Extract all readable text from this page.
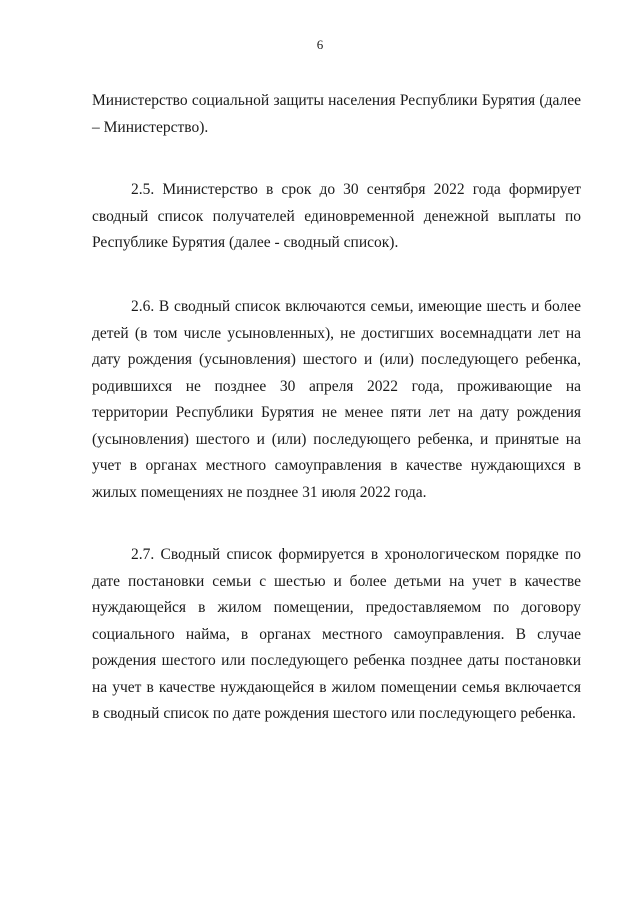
6

Министерство социальной защиты населения Республики Бурятия (далее – Министерство).

2.5. Министерство в срок до 30 сентября 2022 года формирует сводный список получателей единовременной денежной выплаты по Республике Бурятия (далее - сводный список).

2.6. В сводный список включаются семьи, имеющие шесть и более детей (в том числе усыновленных), не достигших восемнадцати лет на дату рождения (усыновления) шестого и (или) последующего ребенка, родившихся не позднее 30 апреля 2022 года, проживающие на территории Республики Бурятия не менее пяти лет на дату рождения (усыновления) шестого и (или) последующего ребенка, и принятые на учет в органах местного самоуправления в качестве нуждающихся в жилых помещениях не позднее 31 июля 2022 года.

2.7. Сводный список формируется в хронологическом порядке по дате постановки семьи с шестью и более детьми на учет в качестве нуждающейся в жилом помещении, предоставляемом по договору социального найма, в органах местного самоуправления. В случае рождения шестого или последующего ребенка позднее даты постановки на учет в качестве нуждающейся в жилом помещении семья включается в сводный список по дате рождения шестого или последующего ребенка.
